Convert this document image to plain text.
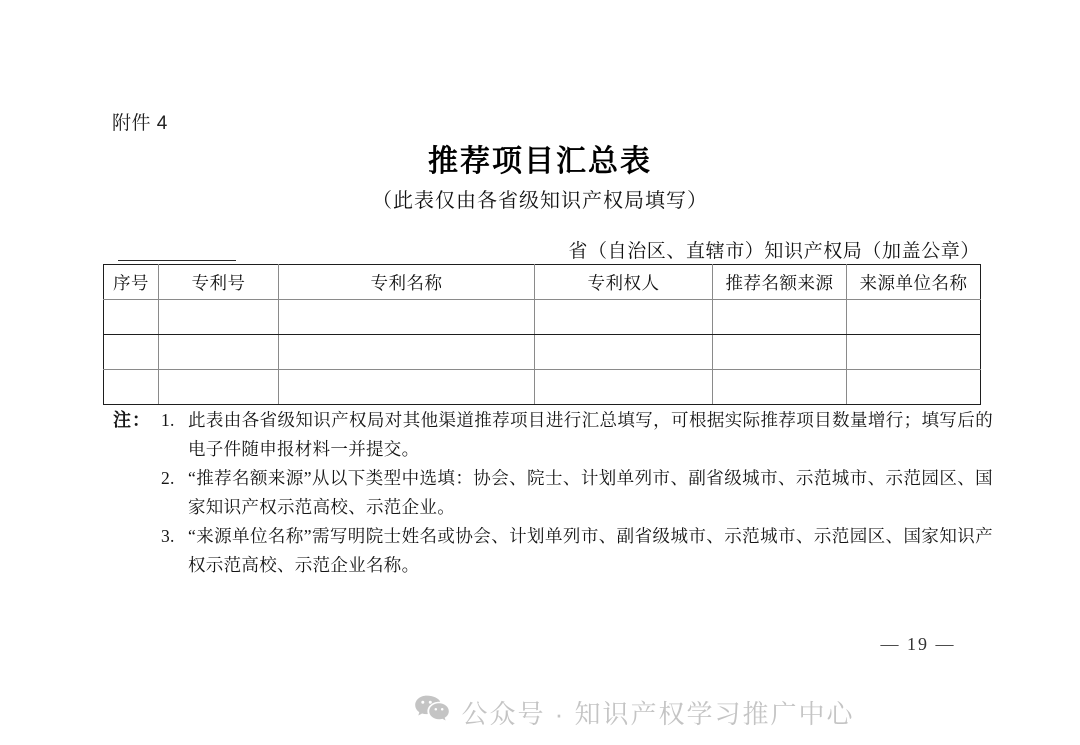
附件 4
推荐项目汇总表
（此表仅由各省级知识产权局填写）
省（自治区、直辖市）知识产权局（加盖公章）
序号	专利号	专利名称	专利权人	推荐名额来源	来源单位名称

注： 1. 此表由各省级知识产权局对其他渠道推荐项目进行汇总填写，可根据实际推荐项目数量增行；填写后的电子件随申报材料一并提交。
2. “推荐名额来源”从以下类型中选填：协会、院士、计划单列市、副省级城市、示范城市、示范园区、国家知识产权示范高校、示范企业。
3. “来源单位名称”需写明院士姓名或协会、计划单列市、副省级城市、示范城市、示范园区、国家知识产权示范高校、示范企业名称。
— 19 —
公众号 · 知识产权学习推广中心
